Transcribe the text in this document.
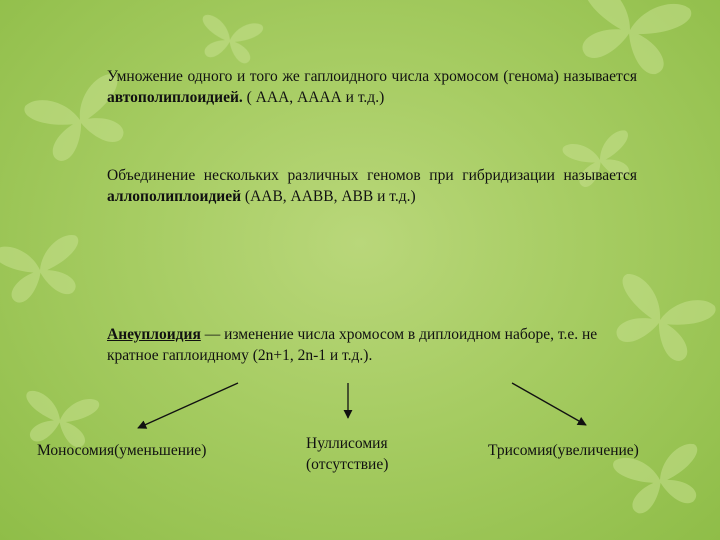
Умножение одного и того же гаплоидного числа хромосом (генома) называется автополиплоидией. ( ААА, АААА и т.д.)

Объединение нескольких различных геномов при гибридизации называется аллополиплоидией (ААВ, ААВВ, АВВ и т.д.)

Анеуплоидия — изменение числа хромосом в диплоидном наборе, т.е. не кратное гаплоидному (2n+1, 2n-1 и т.д.).

Моносомия(уменьшение)	Нуллисомия
(отсутствие)
Трисомия(увеличение)
